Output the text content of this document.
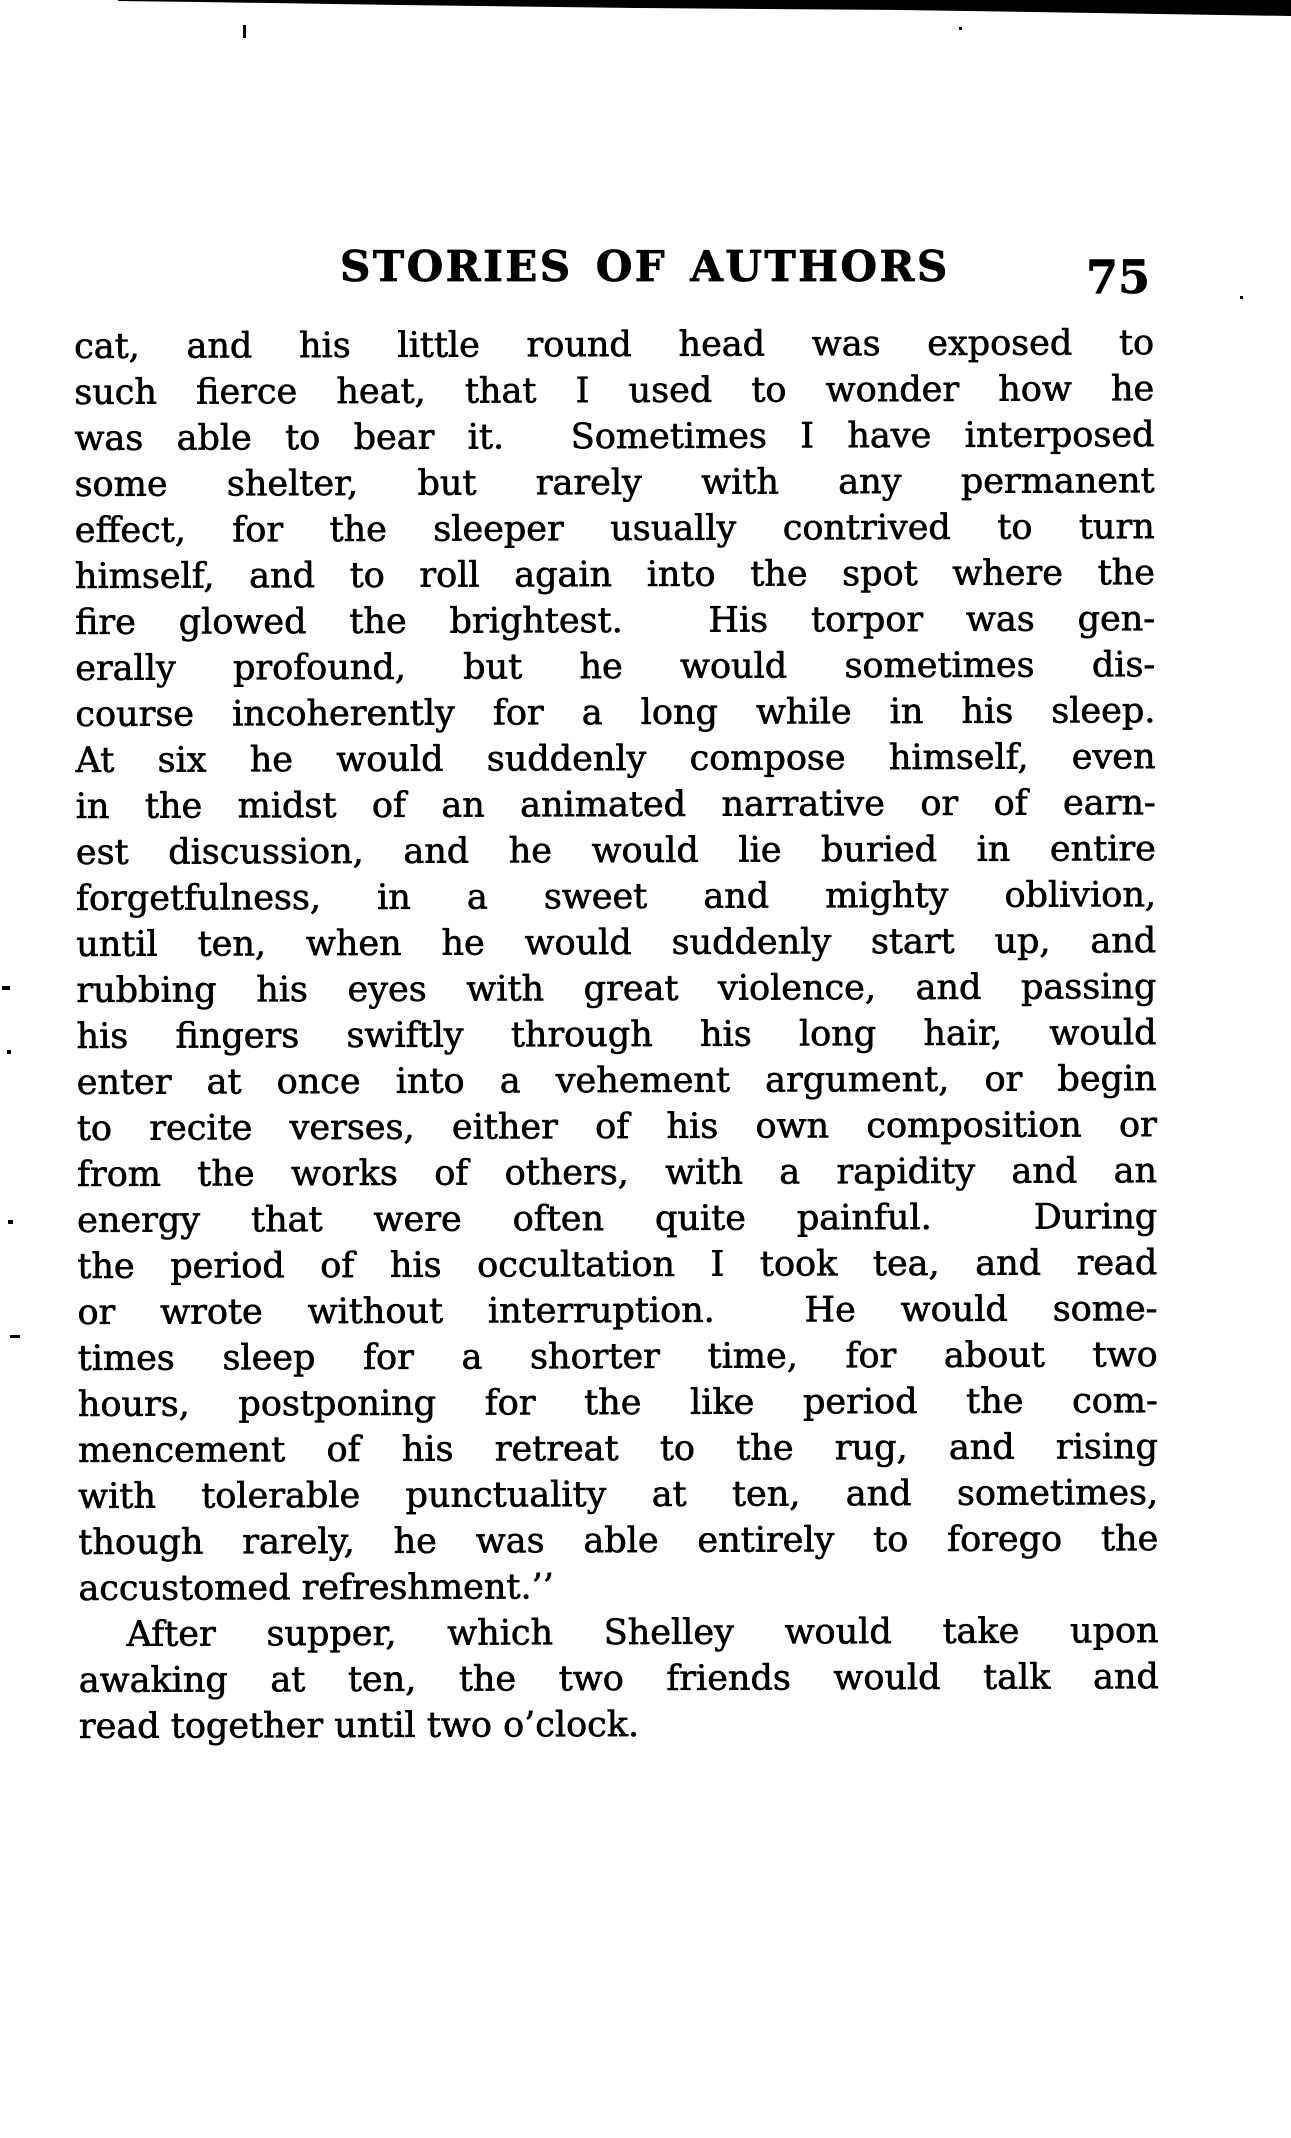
STORIES OF AUTHORS	75
cat, and his little round head was exposed to
such fierce heat, that I used to wonder how he
was able to bear it.  Sometimes I have interposed
some shelter, but rarely with any permanent
effect, for the sleeper usually contrived to turn
himself, and to roll again into the spot where the
fire glowed the brightest.  His torpor was gen-
erally profound, but he would sometimes dis-
course incoherently for a long while in his sleep.
At six he would suddenly compose himself, even
in the midst of an animated narrative or of earn-
est discussion, and he would lie buried in entire
forgetfulness, in a sweet and mighty oblivion,
until ten, when he would suddenly start up, and
rubbing his eyes with great violence, and passing
his fingers swiftly through his long hair, would
enter at once into a vehement argument, or begin
to recite verses, either of his own composition or
from the works of others, with a rapidity and an
energy that were often quite painful.  During
the period of his occultation I took tea, and read
or wrote without interruption.  He would some-
times sleep for a shorter time, for about two
hours, postponing for the like period the com-
mencement of his retreat to the rug, and rising
with tolerable punctuality at ten, and sometimes,
though rarely, he was able entirely to forego the
accustomed refreshment.’’
After supper, which Shelley would take upon
awaking at ten, the two friends would talk and
read together until two o’clock.
